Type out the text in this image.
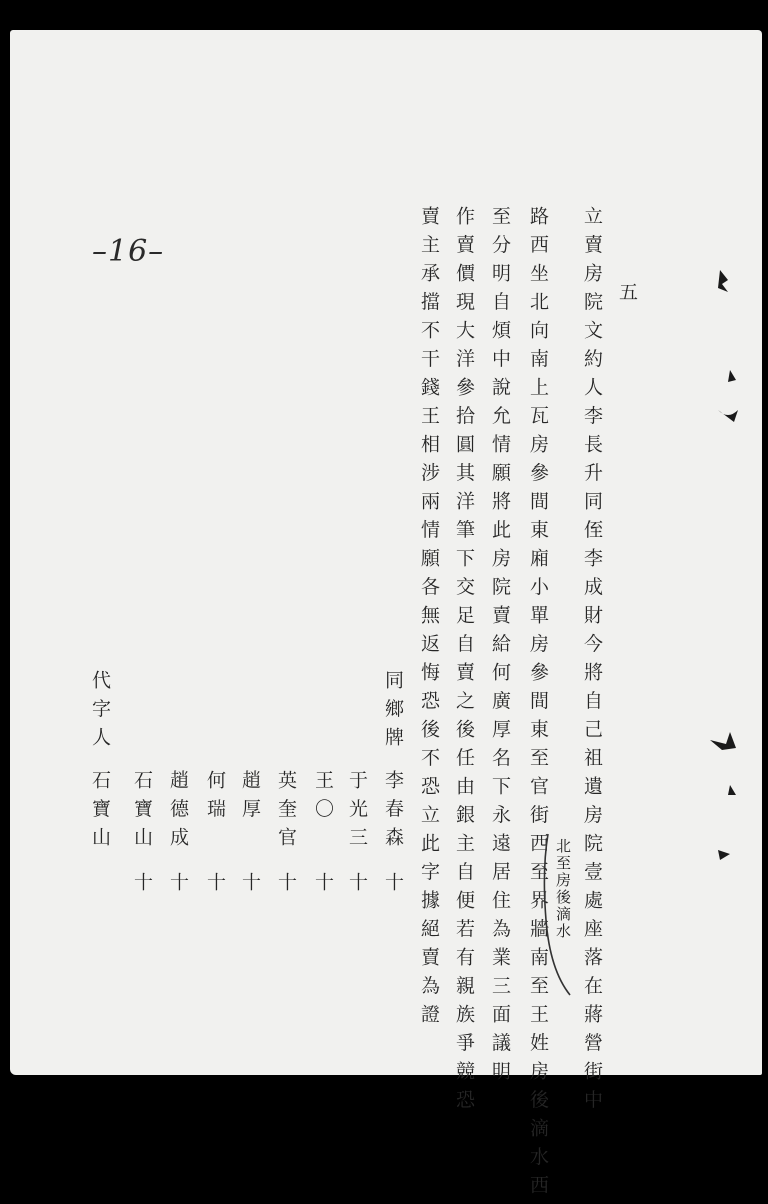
–16–
五
立賣房院文約人李長升同侄李成財今將自己祖遺房院壹處座落在蔣營街中
路西坐北向南上瓦房參間東廂小單房參間東至官街西至界牆南至王姓房後滴水西
至分明自煩中說允情願將此房院賣給何廣厚名下永遠居住為業三面議明
作賣價現大洋參拾圓其洋筆下交足自賣之後任由銀主自便若有親族爭競恐
賣主承擋不干錢王相涉兩情願各無返悔恐後不恐立此字據絕賣為證	北至房後滴水
同鄉牌
李春森
十
于光三
十
王〇
十
英奎官
十
趙厚
十
何瑞
十
趙德成
十
石寶山
十
代字人
石寶山
